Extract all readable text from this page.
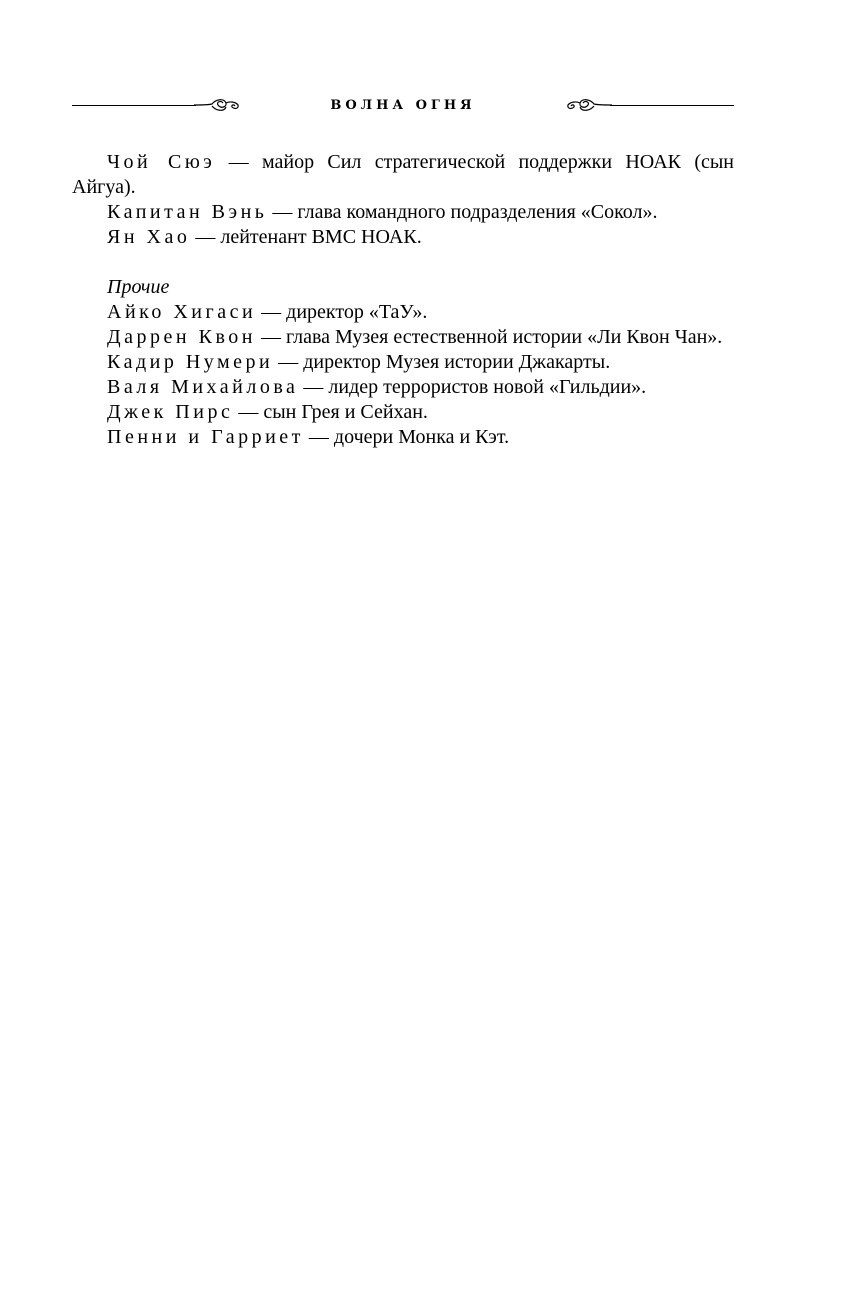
ВОЛНА ОГНЯ

Чой Сюэ — майор Сил стратегической поддержки НОАК (сын Айгуа).

Капитан Вэнь — глава командного подразделения «Сокол».

Ян Хао — лейтенант ВМС НОАК.

Прочие

Айко Хигаси — директор «ТаУ».

Даррен Квон — глава Музея естественной истории «Ли Квон Чан».

Кадир Нумери — директор Музея истории Джакарты.

Валя Михайлова — лидер террористов новой «Гильдии».

Джек Пирс — сын Грея и Сейхан.

Пенни и Гарриет — дочери Монка и Кэт.
